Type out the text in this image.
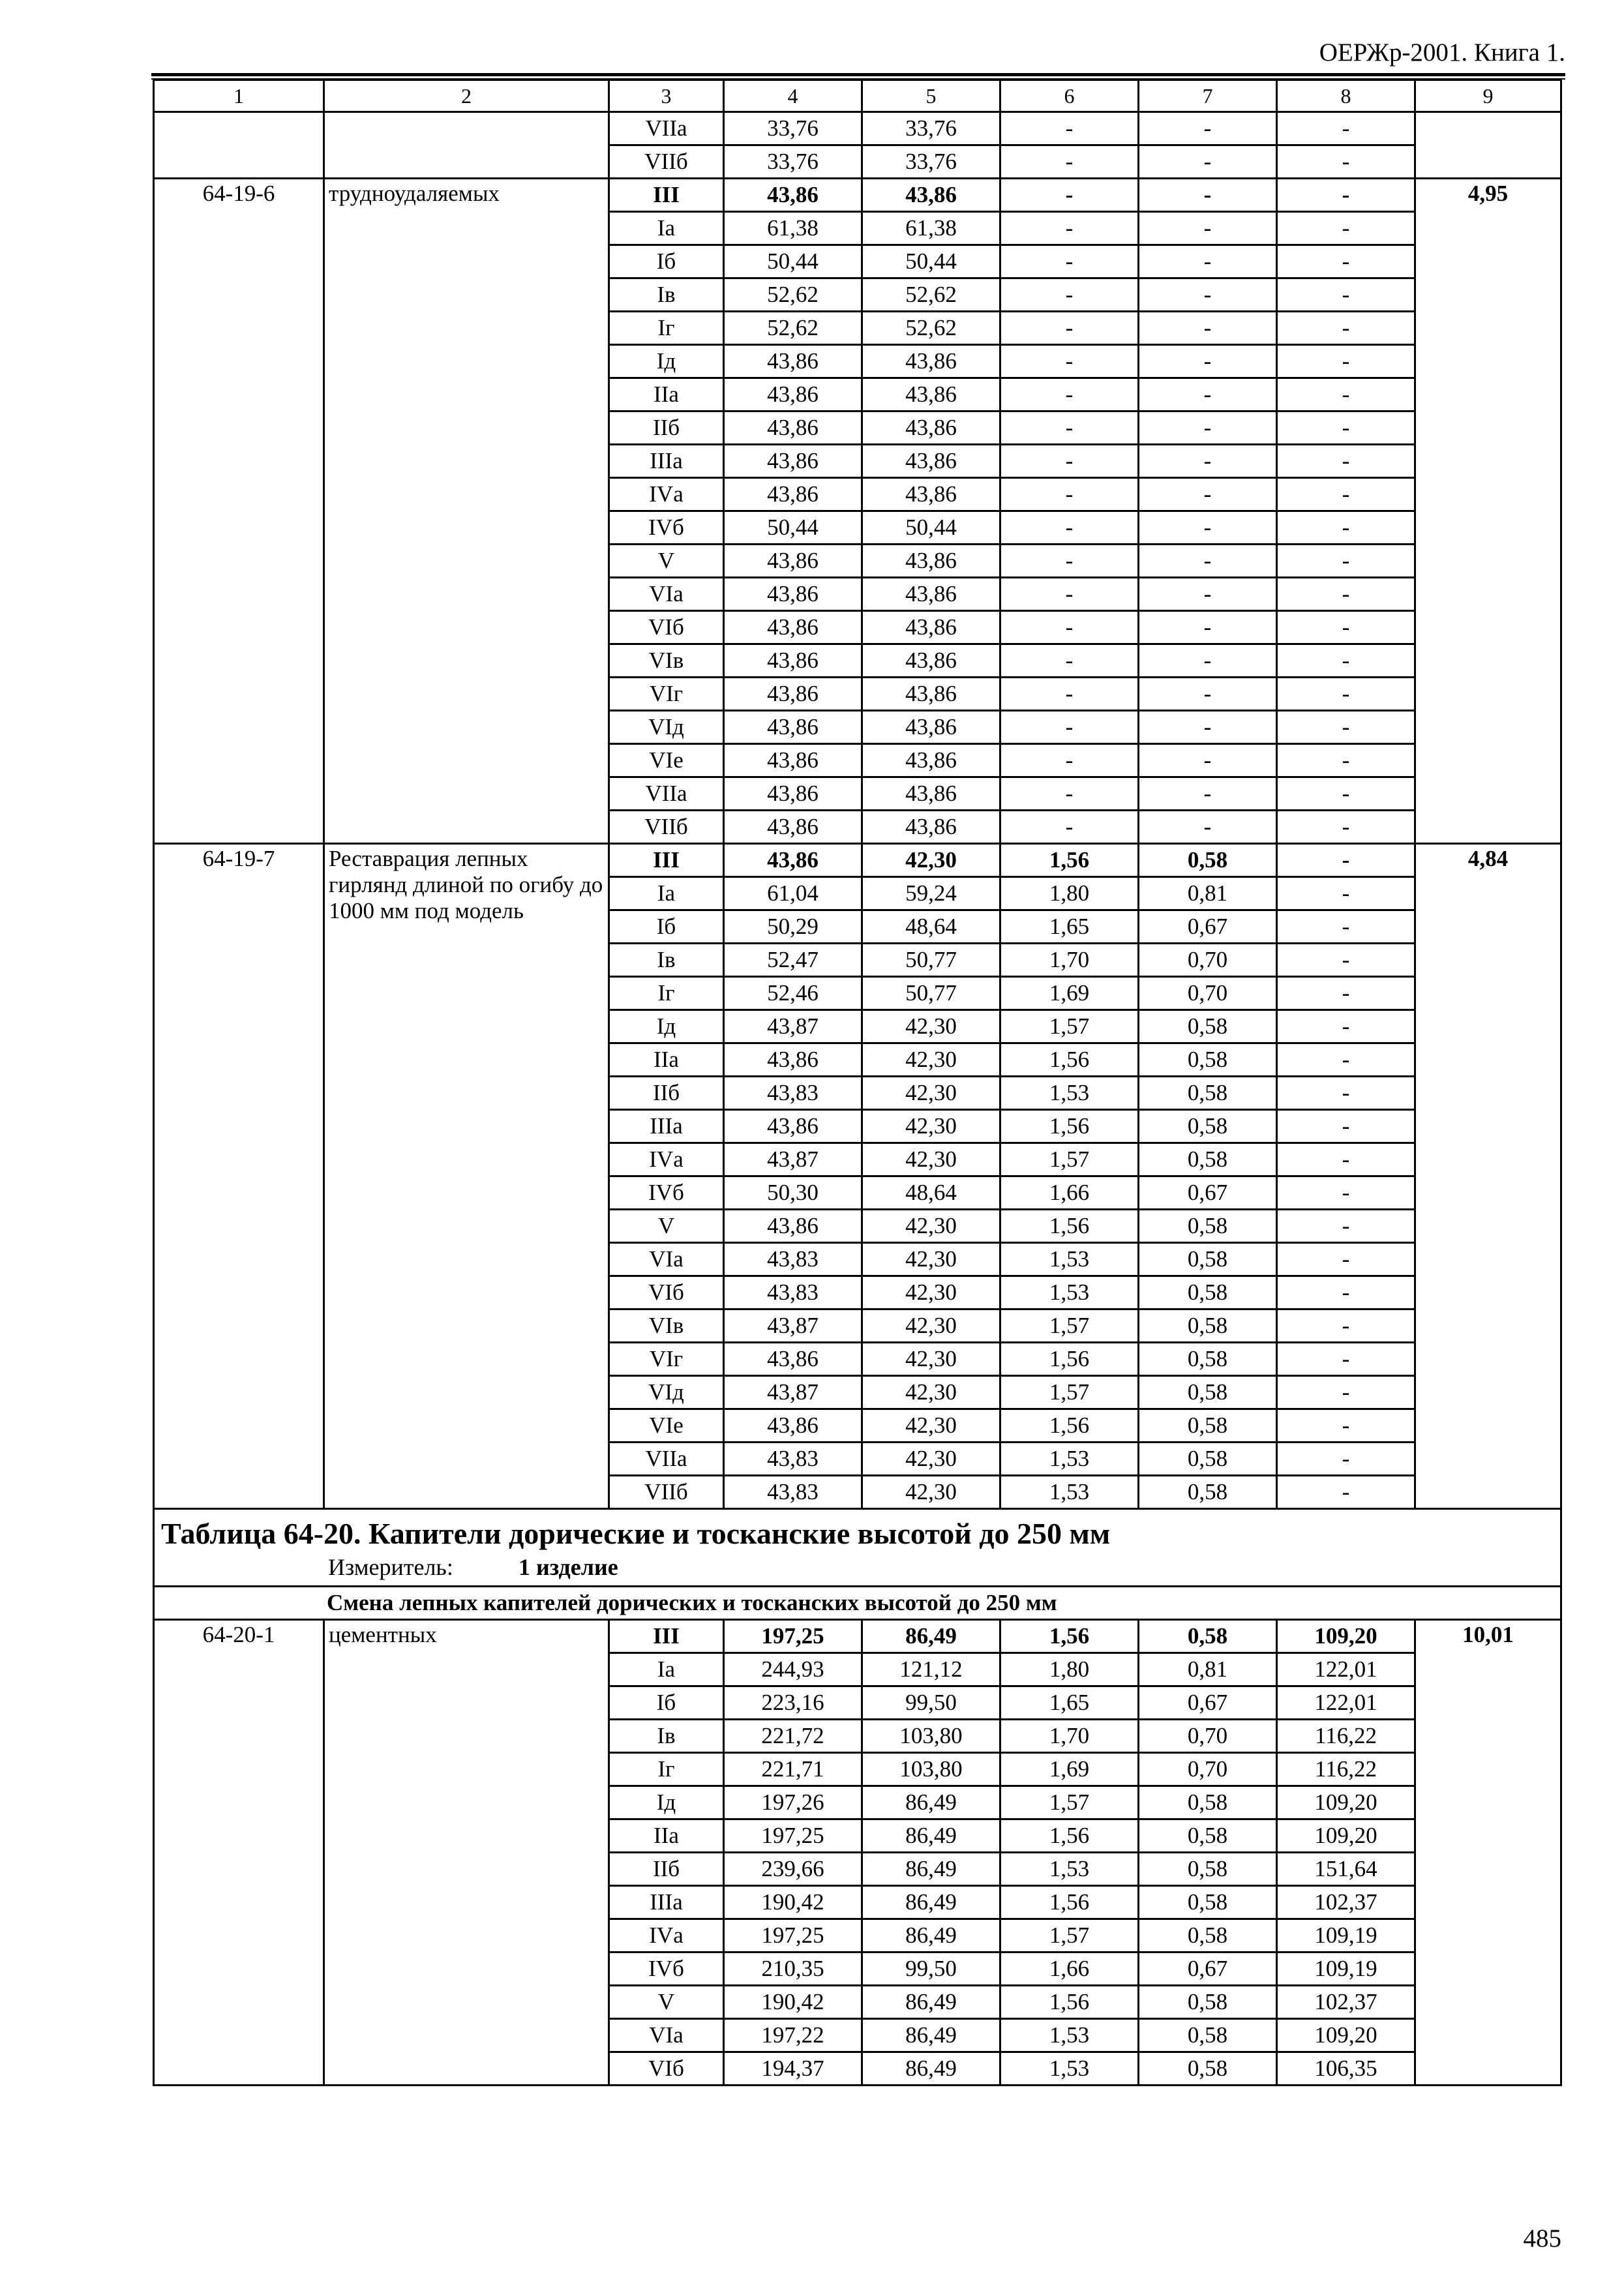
ОЕРЖр-2001. Книга 1.
1	2	3	4	5	6	7	8	9
		VIIа	33,76	33,76	-	-	-	
		VIIб	33,76	33,76	-	-	-	
64-19-6	трудноудаляемых	III	43,86	43,86	-	-	-	4,95
		Iа	61,38	61,38	-	-	-	
		Iб	50,44	50,44	-	-	-	
		Iв	52,62	52,62	-	-	-	
		Iг	52,62	52,62	-	-	-	
		Iд	43,86	43,86	-	-	-	
		IIа	43,86	43,86	-	-	-	
		IIб	43,86	43,86	-	-	-	
		IIIа	43,86	43,86	-	-	-	
		IVа	43,86	43,86	-	-	-	
		IVб	50,44	50,44	-	-	-	
		V	43,86	43,86	-	-	-	
		VIа	43,86	43,86	-	-	-	
		VIб	43,86	43,86	-	-	-	
		VIв	43,86	43,86	-	-	-	
		VIг	43,86	43,86	-	-	-	
		VIд	43,86	43,86	-	-	-	
		VIе	43,86	43,86	-	-	-	
		VIIа	43,86	43,86	-	-	-	
		VIIб	43,86	43,86	-	-	-	
64-19-7	Реставрация лепных гирлянд длиной по огибу до 1000 мм под модель	III	43,86	42,30	1,56	0,58	-	4,84
		Iа	61,04	59,24	1,80	0,81	-	
		Iб	50,29	48,64	1,65	0,67	-	
		Iв	52,47	50,77	1,70	0,70	-	
		Iг	52,46	50,77	1,69	0,70	-	
		Iд	43,87	42,30	1,57	0,58	-	
		IIа	43,86	42,30	1,56	0,58	-	
		IIб	43,83	42,30	1,53	0,58	-	
		IIIа	43,86	42,30	1,56	0,58	-	
		IVа	43,87	42,30	1,57	0,58	-	
		IVб	50,30	48,64	1,66	0,67	-	
		V	43,86	42,30	1,56	0,58	-	
		VIа	43,83	42,30	1,53	0,58	-	
		VIб	43,83	42,30	1,53	0,58	-	
		VIв	43,87	42,30	1,57	0,58	-	
		VIг	43,86	42,30	1,56	0,58	-	
		VIд	43,87	42,30	1,57	0,58	-	
		VIе	43,86	42,30	1,56	0,58	-	
		VIIа	43,83	42,30	1,53	0,58	-	
		VIIб	43,83	42,30	1,53	0,58	-	

Таблица 64-20. Капители дорические и тосканские высотой до 250 мм
Измеритель: 1 изделие								

Смена лепных капителей дорических и тосканских высотой до 250 мм								
64-20-1	цементных	III	197,25	86,49	1,56	0,58	109,20	10,01
		Iа	244,93	121,12	1,80	0,81	122,01	
		Iб	223,16	99,50	1,65	0,67	122,01	
		Iв	221,72	103,80	1,70	0,70	116,22	
		Iг	221,71	103,80	1,69	0,70	116,22	
		Iд	197,26	86,49	1,57	0,58	109,20	
		IIа	197,25	86,49	1,56	0,58	109,20	
		IIб	239,66	86,49	1,53	0,58	151,64	
		IIIа	190,42	86,49	1,56	0,58	102,37	
		IVа	197,25	86,49	1,57	0,58	109,19	
		IVб	210,35	99,50	1,66	0,67	109,19	
		V	190,42	86,49	1,56	0,58	102,37	
		VIа	197,22	86,49	1,53	0,58	109,20	
		VIб	194,37	86,49	1,53	0,58	106,35	
485
